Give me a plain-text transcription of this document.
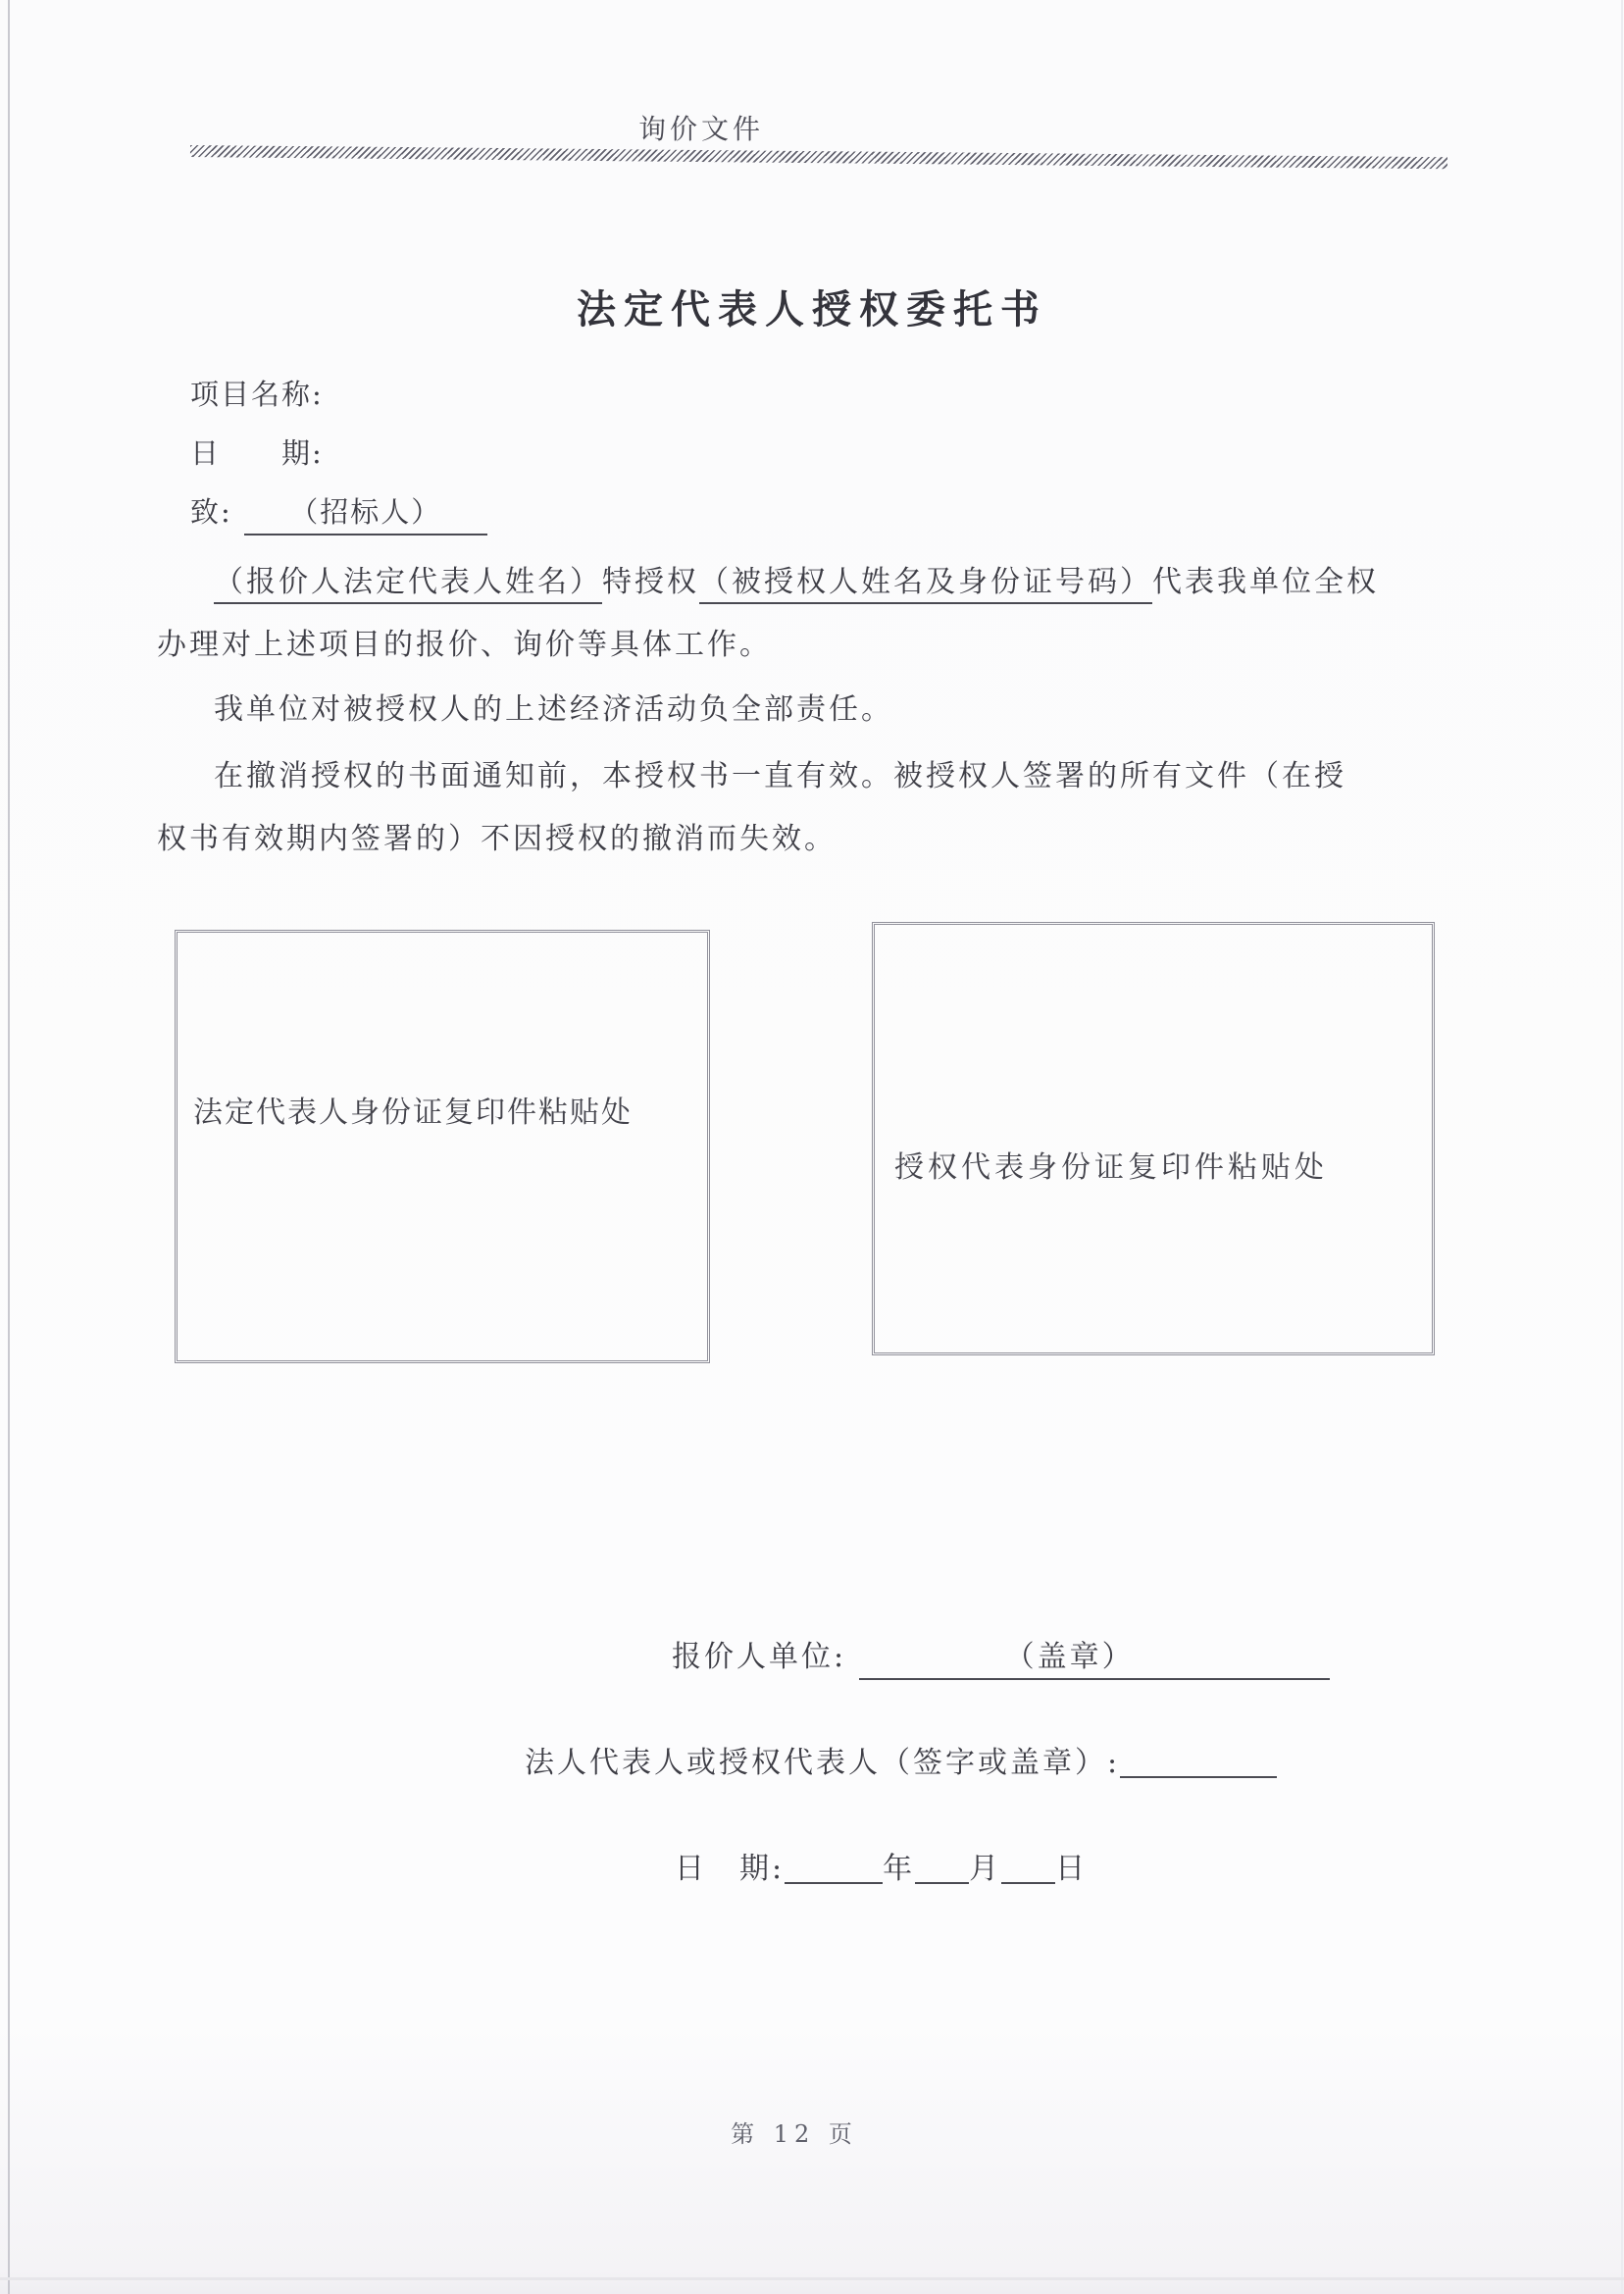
询价文件
法定代表人授权委托书
项目名称:
日　　期:
致: （招标人）
（报价人法定代表人姓名）特授权（被授权人姓名及身份证号码）代表我单位全权
办理对上述项目的报价、询价等具体工作。
我单位对被授权人的上述经济活动负全部责任。
在撤消授权的书面通知前，本授权书一直有效。被授权人签署的所有文件（在授
权书有效期内签署的）不因授权的撤消而失效。
法定代表人身份证复印件粘贴处
授权代表身份证复印件粘贴处
报价人单位:	（盖章）
法人代表人或授权代表人（签字或盖章）:
日　期:	年 月 日
第 12 页
